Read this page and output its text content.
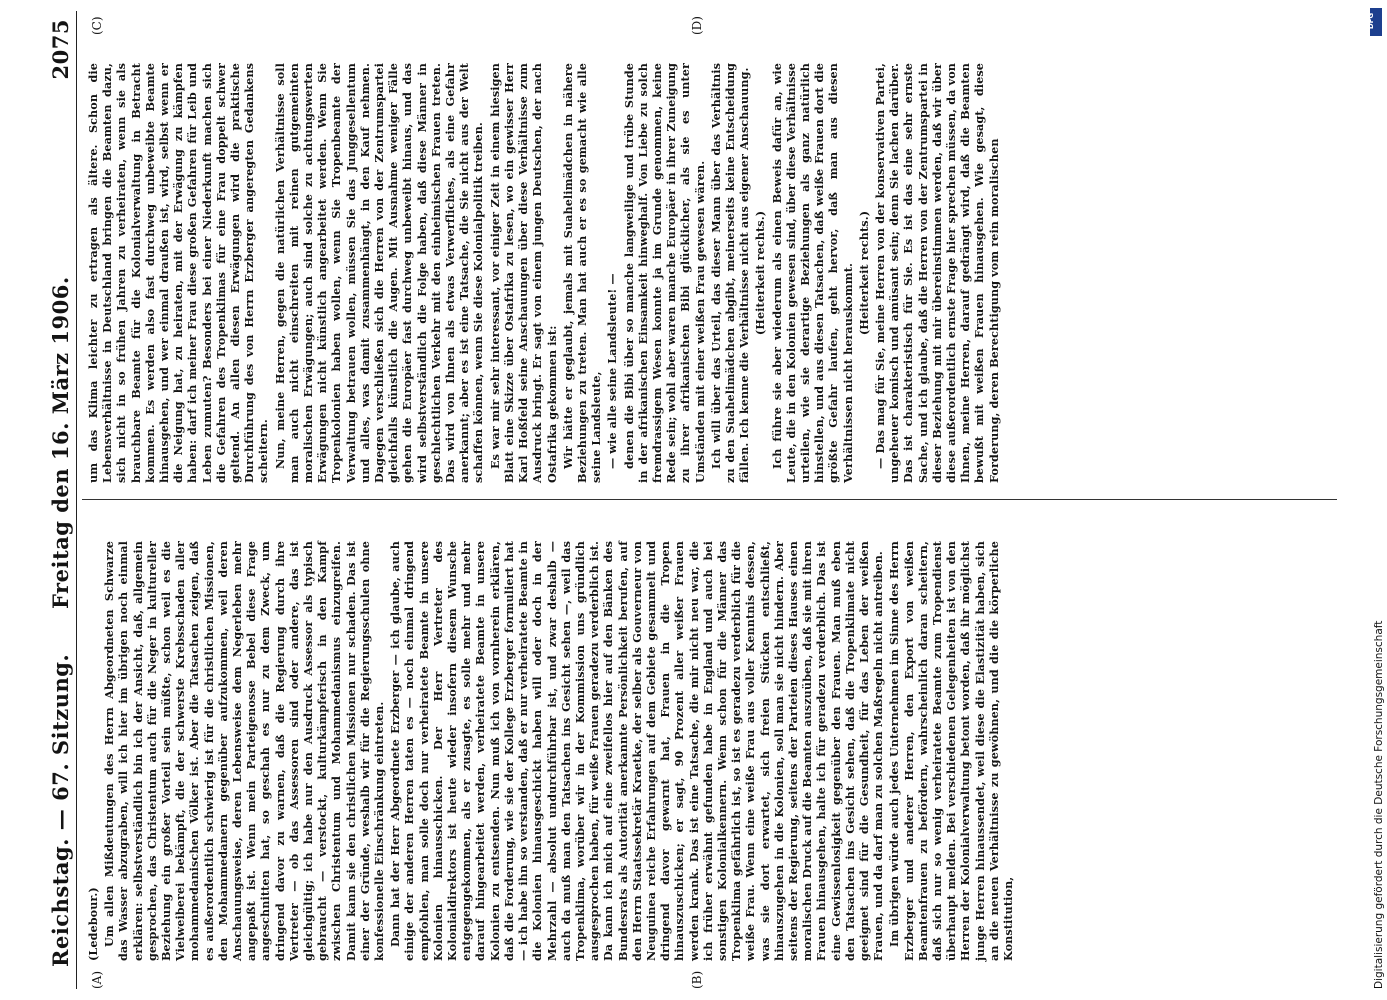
Reichstag. — 67. Sitzung.
Freitag den 16. März 1906.
2075
(A)	(B)
(C)	(D)

(Ledebour.) Um allen Mißdeutungen des Herrn Abgeordneten Schwarze das Wasser abzugraben, will ich hier im übrigen noch einmal erklären: selbstverständlich bin ich der Ansicht, daß, allgemein gesprochen, das Christentum auch für die Neger in kultureller Beziehung ein großer Vorteil sein müßte, schon weil es die Vielweiberei bekämpft, die der schwerste Krebsschaden aller mohammedanischen Völker ist. Aber die Tatsachen zeigen, daß es außerordentlich schwierig ist für die christlichen Missionen, den Mohammedanern gegenüber aufzukommen, weil deren Anschauungsweise, deren Lebensweise dem Negerleben mehr angepaßt ist. Wenn mein Parteigenosse Bebel diese Frage angeschnitten hat, so geschah es nur zu dem Zweck, um dringend davor zu warnen, daß die Regierung durch ihre Vertreter — ob das Assessoren sind oder andere, das ist gleichgültig; ich habe nur den Ausdruck Assessor als typisch gebraucht — verstockt, kulturkämpferisch in den Kampf zwischen Christentum und Mohammedanismus einzugreifen. Damit kann sie den christlichen Missionen nur schaden. Das ist einer der Gründe, weshalb wir für die Regierungsschulen ohne konfessionelle Einschränkung eintreten. Dann hat der Herr Abgeordnete Erzberger — ich glaube, auch einige der anderen Herren taten es — noch einmal dringend empfohlen, man solle doch nur verheiratete Beamte in unsere Kolonien hinausschicken. Der Herr Vertreter des Kolonialdirektors ist heute wieder insofern diesem Wunsche entgegengekommen, als er zusagte, es solle mehr und mehr darauf hingearbeitet werden, verheiratete Beamte in unsere Kolonien zu entsenden. Nun muß ich von vornherein erklären, daß die Forderung, wie sie der Kollege Erzberger formuliert hat — ich habe ihn so verstanden, daß er nur verheiratete Beamte in die Kolonien hinausgeschickt haben will oder doch in der Mehrzahl — absolut undurchführbar ist, und zwar deshalb — auch da muß man den Tatsachen ins Gesicht sehen —, weil das Tropenklima, worüber wir in der Kommission uns gründlich ausgesprochen haben, für weiße Frauen geradezu verderblich ist. Da kann ich mich auf eine zweifellos hier auf den Bänken des Bundesrats als Autorität anerkannte Persönlichkeit berufen, auf den Herrn Staatssekretär Kraetke, der selber als Gouverneur von Neuguinea reiche Erfahrungen auf dem Gebiete gesammelt und dringend davor gewarnt hat, Frauen in die Tropen hinauszuschicken; er sagt, 90 Prozent aller weißer Frauen werden krank. Das ist eine Tatsache, die mir nicht neu war, die ich früher erwähnt gefunden habe in England und auch bei sonstigen Kolonialkennern. Wenn schon für die Männer das Tropenklima gefährlich ist, so ist es geradezu verderblich für die weiße Frau. Wenn eine weiße Frau aus voller Kenntnis dessen, was sie dort erwartet, sich freien Stücken entschließt, hinauszugehen in die Kolonien, soll man sie nicht hindern. Aber seitens der Regierung, seitens der Parteien dieses Hauses einen moralischen Druck auf die Beamten auszuüben, daß sie mit ihren Frauen hinausgehen, halte ich für geradezu verderblich. Das ist eine Gewissenlosigkeit gegenüber den Frauen. Man muß eben den Tatsachen ins Gesicht sehen, daß die Tropenklimate nicht geeignet sind für die Gesundheit, für das Leben der weißen Frauen, und da darf man zu solchen Maßregeln nicht antreiben. Im übrigen würde auch jedes Unternehmen im Sinne des Herrn Erzberger und anderer Herren, den Export von weißen Beamtenfrauen zu befördern, wahrscheinlich daran scheitern, daß sich nur so wenig verheiratete Beamte zum Tropendienst überhaupt melden. Bei verschiedenen Gelegenheiten ist von den Herren der Kolonialverwaltung betont worden, daß ihr möglichst junge Herren hinaussendet, weil diese die Elastizität haben, sich an die neuen Verhältnisse zu gewöhnen, und die die körperliche Konstitution,

um das Klima leichter zu ertragen als ältere. Schon die Lebensverhältnisse in Deutschland bringen die Beamten dazu, sich nicht in so frühen Jahren zu verheiraten, wenn sie als brauchbare Beamte für die Kolonialverwaltung in Betracht kommen. Es werden also fast durchweg unbeweibte Beamte hinausgehen, und wer einmal draußen ist, wird, selbst wenn er die Neigung hat, zu heiraten, mit der Erwägung zu kämpfen haben: darf ich meiner Frau diese großen Gefahren für Leib und Leben zumuten? Besonders bei einer Niederkunft machen sich die Gefahren des Tropenklimas für eine Frau doppelt schwer geltend. An allen diesen Erwägungen wird die praktische Durchführung des von Herrn Erzberger angeregten Gedankens scheitern. Nun, meine Herren, gegen die natürlichen Verhältnisse soll man auch nicht einschreiten mit reinen gutgemeinten moralischen Erwägungen; auch sind solche zu achtungswerten Erwägungen nicht künstlich angearbeitet werden. Wenn Sie Tropenkolonien haben wollen, wenn Sie Tropenbeamte der Verwaltung betrauen wollen, müssen Sie das Junggesellentum und alles, was damit zusammenhängt, in den Kauf nehmen. Dagegen verschließen sich die Herren von der Zentrumspartei gleichfalls künstlich die Augen. Mit Ausnahme weniger Fälle gehen die Europäer fast durchweg unbeweibt hinaus, und das wird selbstverständlich die Folge haben, daß diese Männer in geschlechtlichen Verkehr mit den einheimischen Frauen treten. Das wird von Ihnen als etwas Verwerfliches, als eine Gefahr anerkannt; aber es ist eine Tatsache, die Sie nicht aus der Welt schaffen können, wenn Sie diese Kolonialpolitik treiben. Es war mir sehr interessant, vor einiger Zeit in einem hiesigen Blatt eine Skizze über Ostafrika zu lesen, wo ein gewisser Herr Karl Hoßfeld seine Anschauungen über diese Verhältnisse zum Ausdruck bringt. Er sagt von einem jungen Deutschen, der nach Ostafrika gekommen ist: Wir hätte er geglaubt, jemals mit Suahelimädchen in nähere Beziehungen zu treten. Man hat auch er es so gemacht wie alle seine Landsleute, — wie alle seine Landsleute! — denen die Bibi über so manche langweilige und trübe Stunde in der afrikanischen Einsamkeit hinweghalf. Von Liebe zu solch fremdrassigem Wesen konnte ja im Grunde genommen, keine Rede sein; wohl aber waren manche Europäer in ihrer Zuneigung zu ihrer afrikanischen Bibi glücklicher, als sie es unter Umständen mit einer weißen Frau gewesen wären. Ich will über das Urteil, das dieser Mann über das Verhältnis zu den Suahelimädchen abgibt, meinerseits keine Entscheidung fällen. Ich kenne die Verhältnisse nicht aus eigener Anschauung. (Heiterkeit rechts.) Ich führe sie aber wiederum als einen Beweis dafür an, wie Leute, die in den Kolonien gewesen sind, über diese Verhältnisse urteilen, wie sie derartige Beziehungen als ganz natürlich hinstellen, und aus diesen Tatsachen, daß weiße Frauen dort die größte Gefahr laufen, geht hervor, daß man aus diesen Verhältnissen nicht herauskommt. (Heiterkeit rechts.) — Das mag für Sie, meine Herren von der konservativen Partei, ungeheuer komisch und amüsant sein; denn Sie lachen darüber. Das ist charakteristisch für Sie. Es ist das eine sehr ernste Sache, und ich glaube, daß die Herren von der Zentrumspartei in dieser Beziehung mit mir übereinstimmen werden, daß wir über diese außerordentlich ernste Frage hier sprechen müssen, da von Ihnen, meine Herren, darauf gedrängt wird, daß die Beamten bewußt mit weißen Frauen hinausgehen. Wie gesagt, diese Forderung, deren Berechtigung vom rein moralischen

DFG
Digitalisierung gefördert durch die Deutsche Forschungsgemeinschaft
